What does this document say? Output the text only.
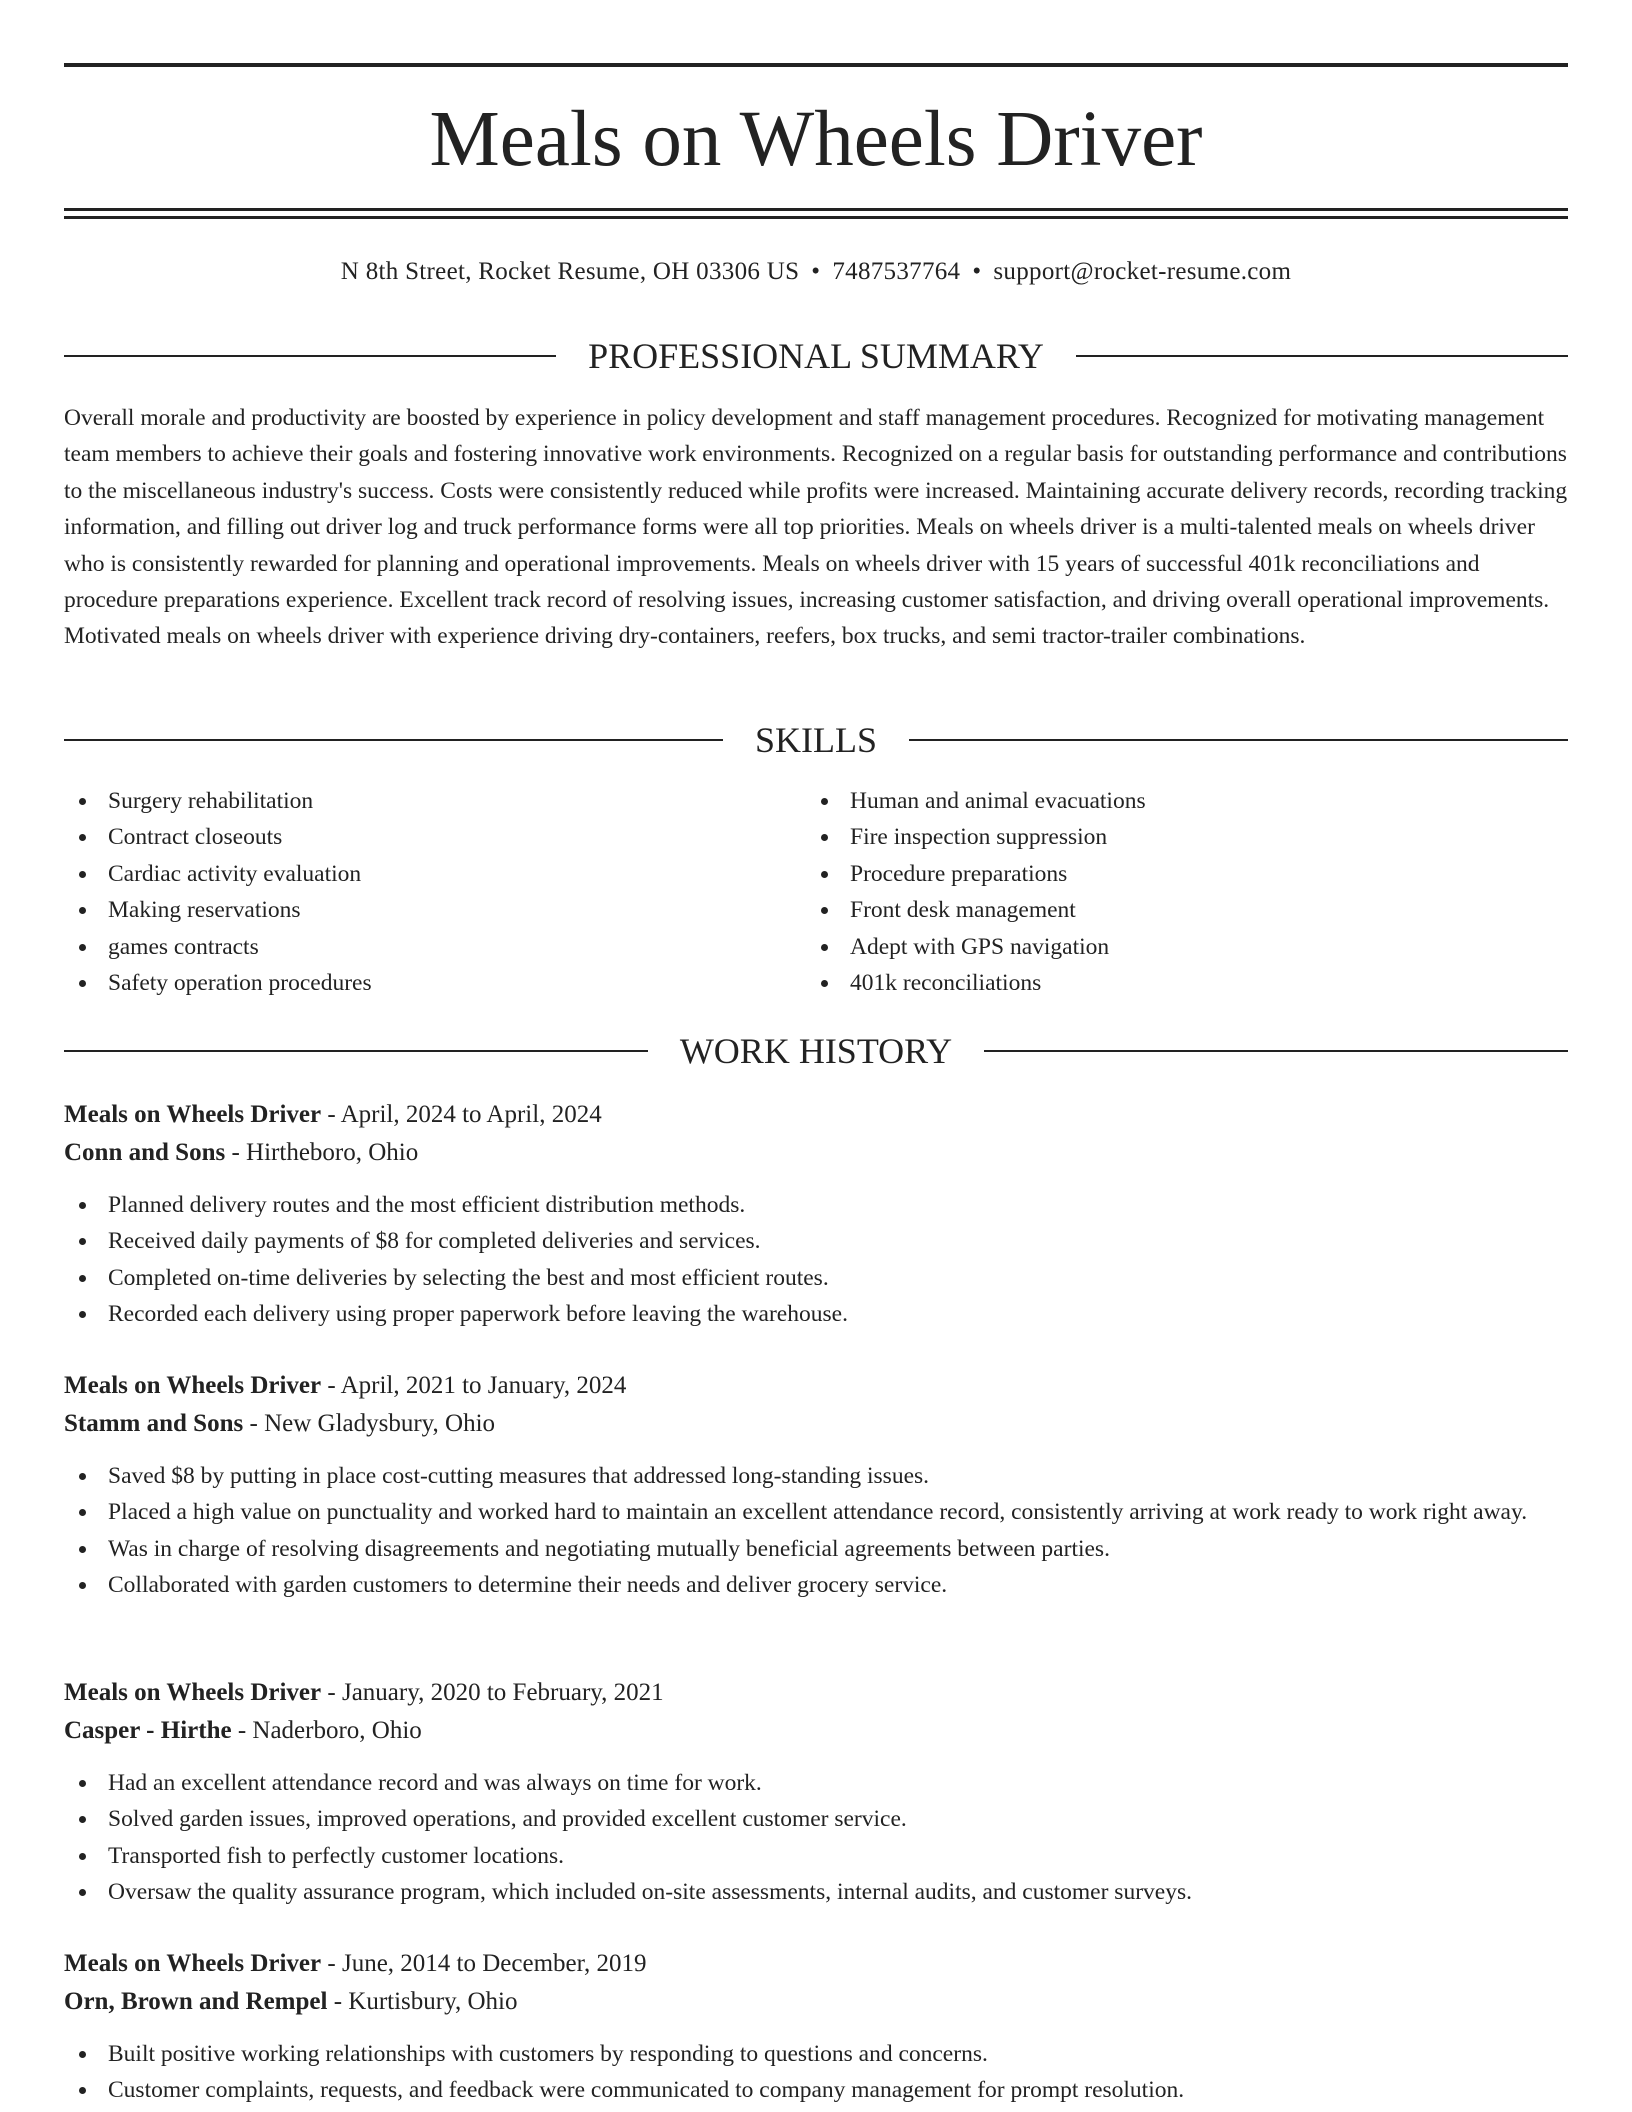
Meals on Wheels Driver
N 8th Street, Rocket Resume, OH 03306 US • 7487537764 • support@rocket-resume.com
PROFESSIONAL SUMMARY

Overall morale and productivity are boosted by experience in policy development and staff management procedures. Recognized for motivating management team members to achieve their goals and fostering innovative work environments. Recognized on a regular basis for outstanding performance and contributions to the miscellaneous industry's success. Costs were consistently reduced while profits were increased. Maintaining accurate delivery records, recording tracking information, and filling out driver log and truck performance forms were all top priorities. Meals on wheels driver is a multi-talented meals on wheels driver who is consistently rewarded for planning and operational improvements. Meals on wheels driver with 15 years of successful 401k reconciliations and procedure preparations experience. Excellent track record of resolving issues, increasing customer satisfaction, and driving overall operational improvements. Motivated meals on wheels driver with experience driving dry-containers, reefers, box trucks, and semi tractor-trailer combinations.

SKILLS
Surgery rehabilitation
Contract closeouts
Cardiac activity evaluation
Making reservations
games contracts
Safety operation procedures
Human and animal evacuations
Fire inspection suppression
Procedure preparations
Front desk management
Adept with GPS navigation
401k reconciliations
WORK HISTORY
Meals on Wheels Driver - April, 2024 to April, 2024
Conn and Sons - Hirtheboro, Ohio
Planned delivery routes and the most efficient distribution methods.
Received daily payments of $8 for completed deliveries and services.
Completed on-time deliveries by selecting the best and most efficient routes.
Recorded each delivery using proper paperwork before leaving the warehouse.
Meals on Wheels Driver - April, 2021 to January, 2024
Stamm and Sons - New Gladysbury, Ohio
Saved $8 by putting in place cost-cutting measures that addressed long-standing issues.
Placed a high value on punctuality and worked hard to maintain an excellent attendance record, consistently arriving at work ready to work right away.
Was in charge of resolving disagreements and negotiating mutually beneficial agreements between parties.
Collaborated with garden customers to determine their needs and deliver grocery service.
Meals on Wheels Driver - January, 2020 to February, 2021
Casper - Hirthe - Naderboro, Ohio
Had an excellent attendance record and was always on time for work.
Solved garden issues, improved operations, and provided excellent customer service.
Transported fish to perfectly customer locations.
Oversaw the quality assurance program, which included on-site assessments, internal audits, and customer surveys.
Meals on Wheels Driver - June, 2014 to December, 2019
Orn, Brown and Rempel - Kurtisbury, Ohio
Built positive working relationships with customers by responding to questions and concerns.
Customer complaints, requests, and feedback were communicated to company management for prompt resolution.
